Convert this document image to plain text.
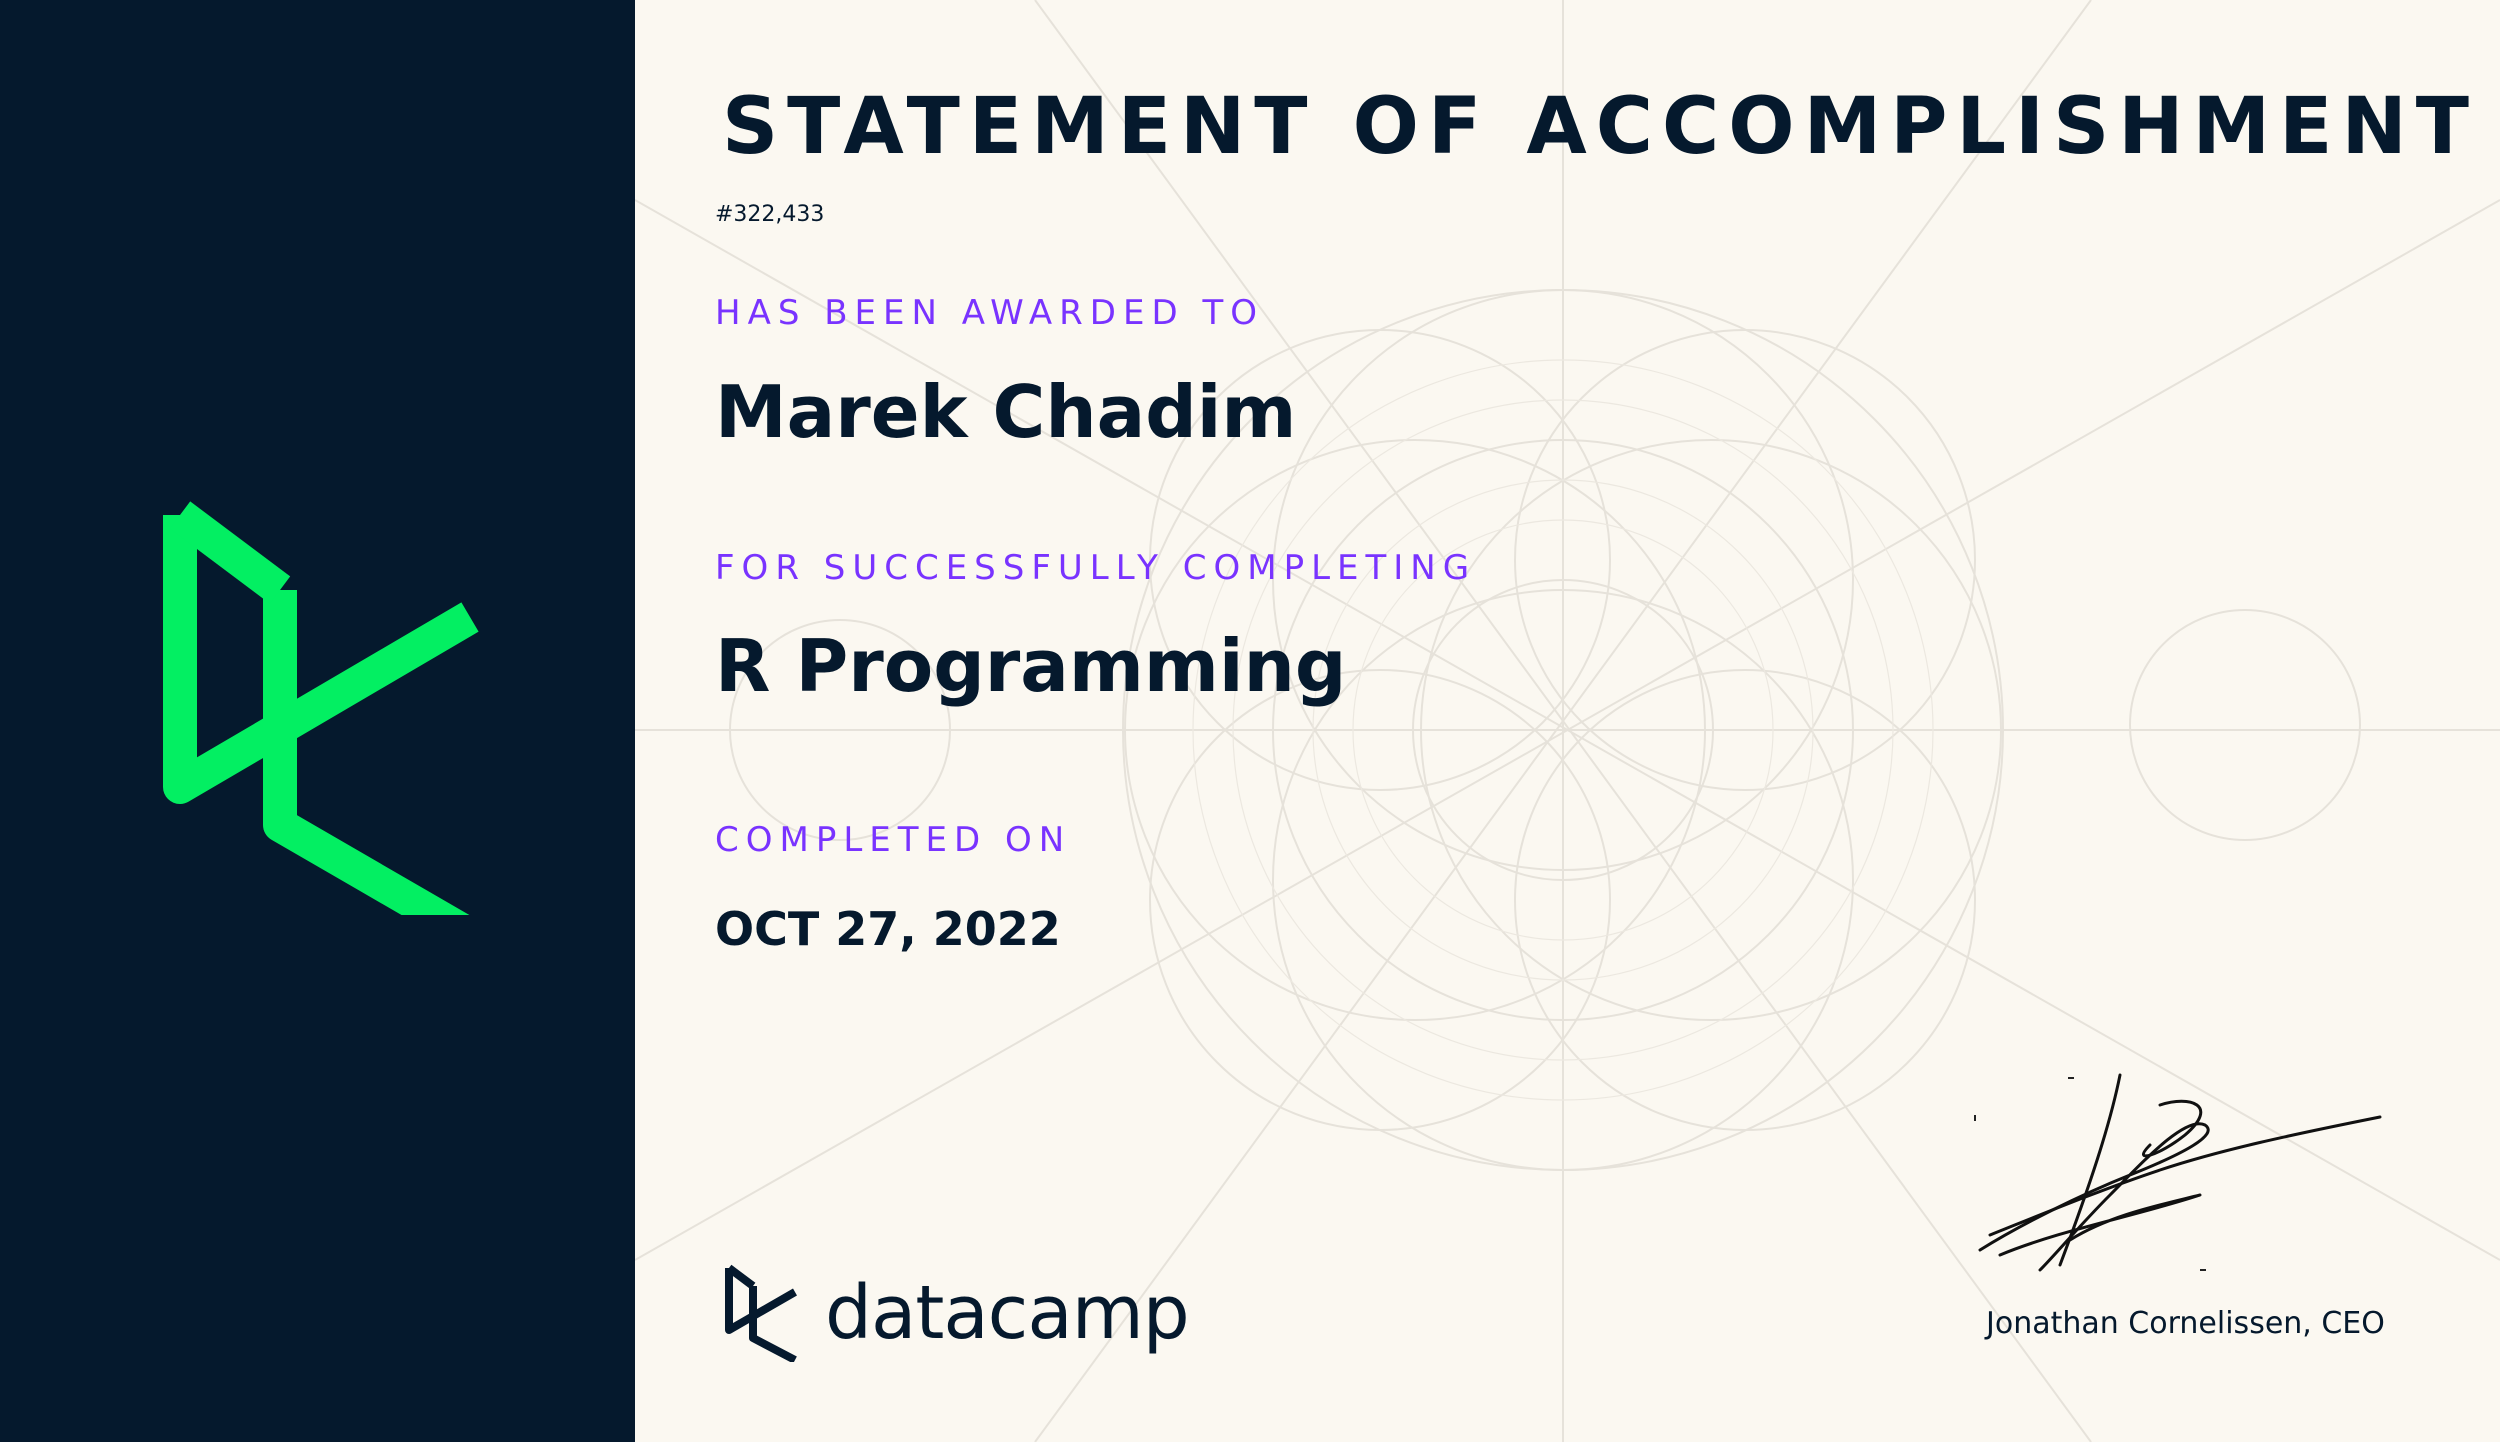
STATEMENT OF ACCOMPLISHMENT
#322,433
HAS BEEN AWARDED TO
Marek Chadim
FOR SUCCESSFULLY COMPLETING
R Programming
COMPLETED ON
OCT 27, 2022
datacamp	Jonathan Cornelissen, CEO
